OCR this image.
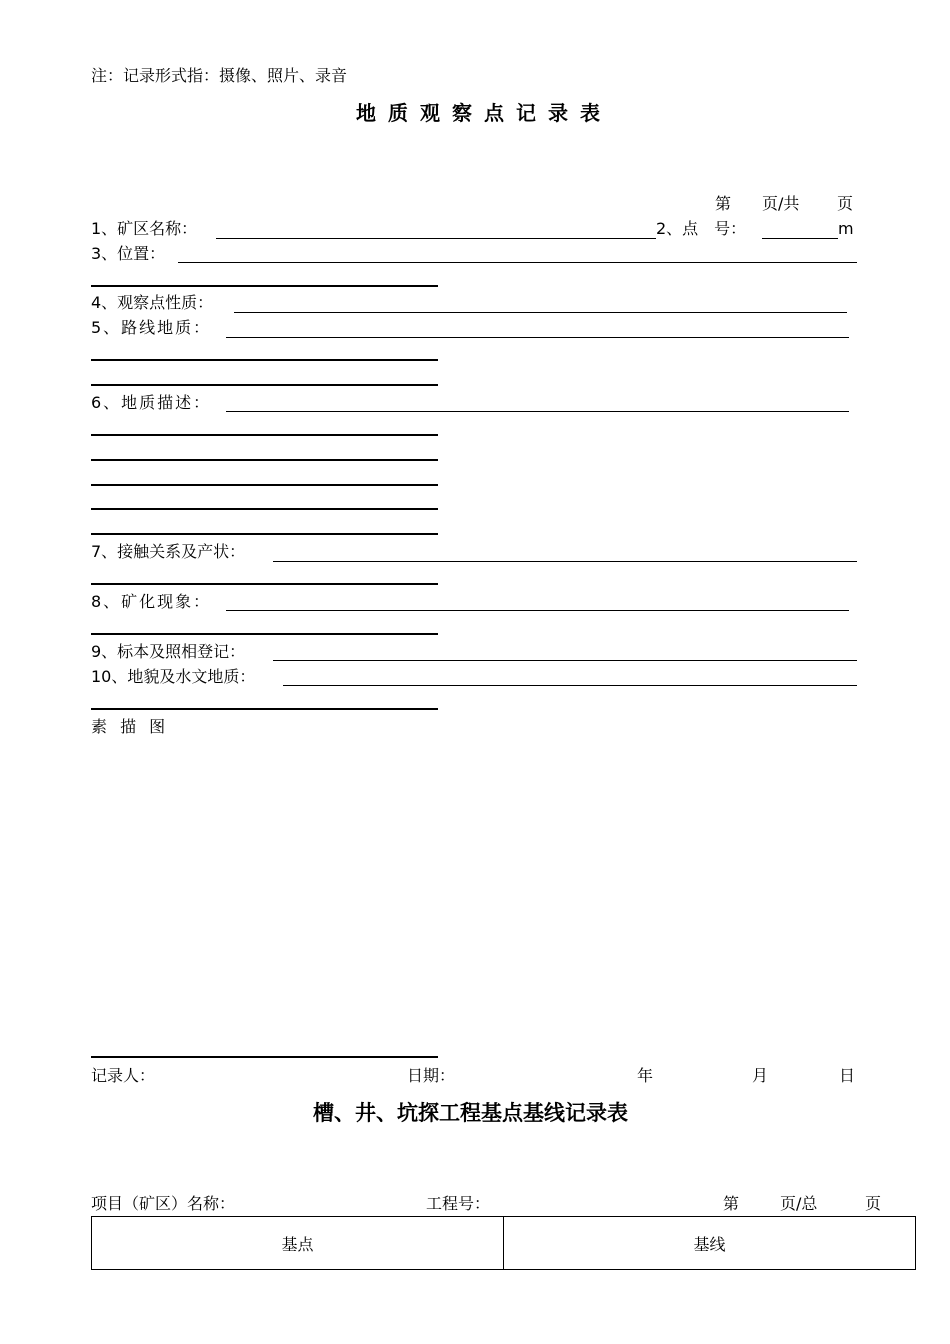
注：记录形式指：摄像、照片、录音
地质观察点记录表
第 页/共 页
1、矿区名称：	2、点　号：	m
3、位置：
4、观察点性质：
5、路线地质：
6、地质描述：
7、接触关系及产状：
8、矿化现象：
9、标本及照相登记：
10、地貌及水文地质：
素 描 图
记录人：	日期：	年	月	日
槽、井、坑探工程基点基线记录表
项目（矿区）名称：	工程号：	第	页/总	页
基点	基线
